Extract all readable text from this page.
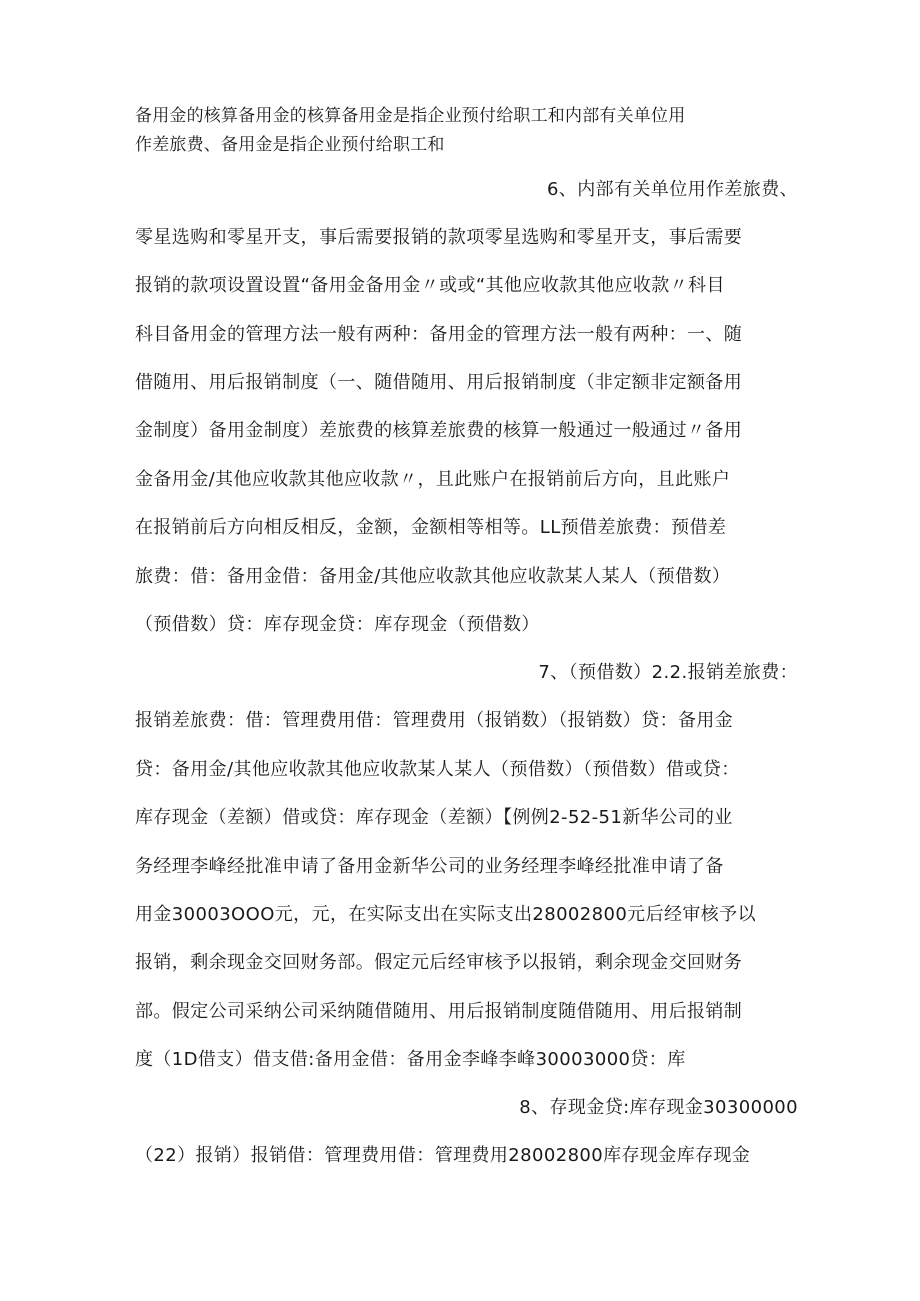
备用金的核算备用金的核算备用金是指企业预付给职工和内部有关单位用
作差旅费、备用金是指企业预付给职工和
6、内部有关单位用作差旅费、
零星选购和零星开支，事后需要报销的款项零星选购和零星开支，事后需要
报销的款项设置设置“备用金备用金〃或或“其他应收款其他应收款〃科目
科目备用金的管理方法一般有两种：备用金的管理方法一般有两种：一、随
借随用、用后报销制度（一、随借随用、用后报销制度（非定额非定额备用
金制度）备用金制度）差旅费的核算差旅费的核算一般通过一般通过〃备用
金备用金/其他应收款其他应收款〃，且此账户在报销前后方向，且此账户
在报销前后方向相反相反，金额，金额相等相等。LL预借差旅费：预借差
旅费：借：备用金借：备用金/其他应收款其他应收款某人某人（预借数）
（预借数）贷：库存现金贷：库存现金（预借数）
7、（预借数）2.2.报销差旅费：
报销差旅费：借：管理费用借：管理费用（报销数）（报销数）贷：备用金
贷：备用金/其他应收款其他应收款某人某人（预借数）（预借数）借或贷：
库存现金（差额）借或贷：库存现金（差额）【例例2-52-51新华公司的业
务经理李峰经批准申请了备用金新华公司的业务经理李峰经批准申请了备
用金30003OOO元，元，在实际支出在实际支出28002800元后经审核予以
报销，剩余现金交回财务部。假定元后经审核予以报销，剩余现金交回财务
部。假定公司采纳公司采纳随借随用、用后报销制度随借随用、用后报销制
度（1D借支）借支借:备用金借：备用金李峰李峰30003000贷：库
8、存现金贷:库存现金30300000
（22）报销）报销借：管理费用借：管理费用28002800库存现金库存现金
